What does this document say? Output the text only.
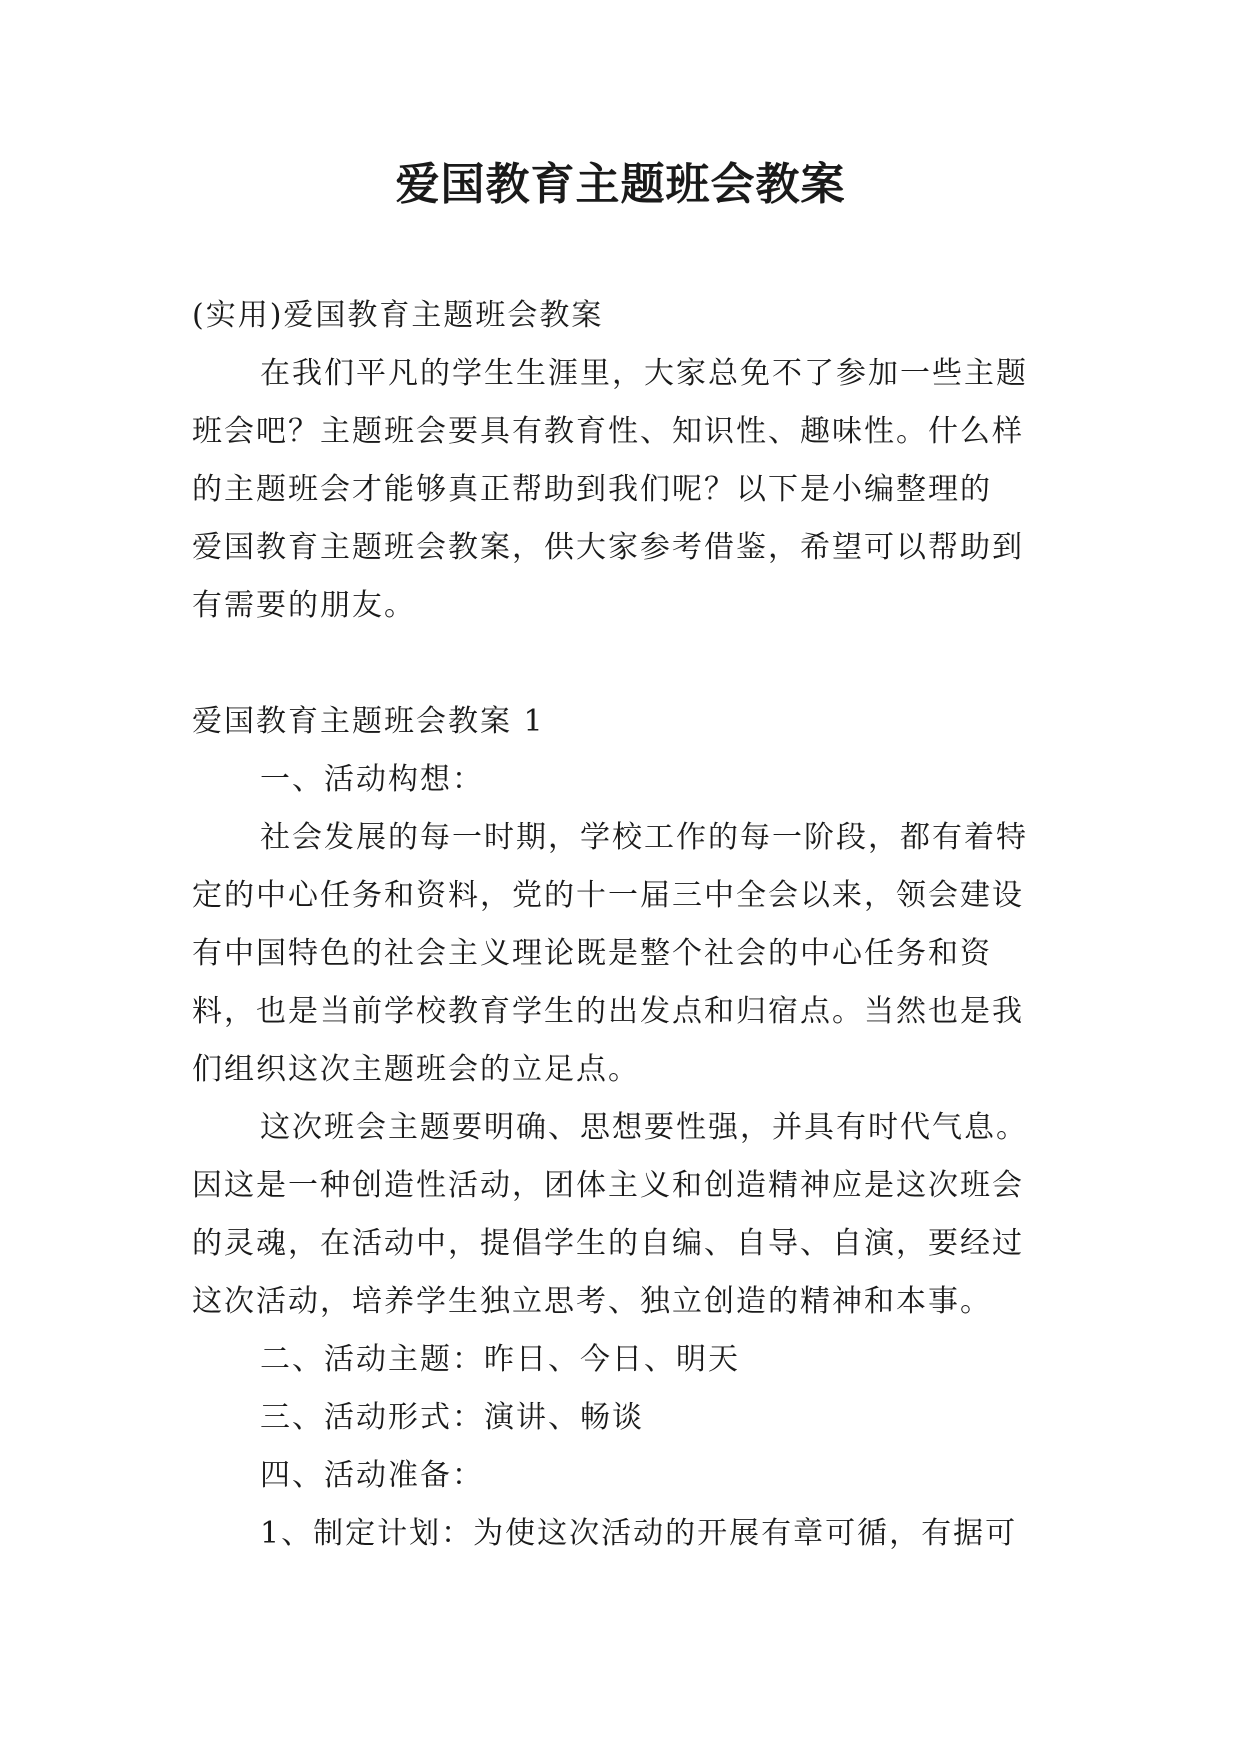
爱国教育主题班会教案
(实用)爱国教育主题班会教案
在我们平凡的学生生涯里，大家总免不了参加一些主题
班会吧？主题班会要具有教育性、知识性、趣味性。什么样
的主题班会才能够真正帮助到我们呢？以下是小编整理的
爱国教育主题班会教案，供大家参考借鉴，希望可以帮助到
有需要的朋友。
爱国教育主题班会教案 1
一、活动构想：
社会发展的每一时期，学校工作的每一阶段，都有着特
定的中心任务和资料，党的十一届三中全会以来，领会建设
有中国特色的社会主义理论既是整个社会的中心任务和资
料，也是当前学校教育学生的出发点和归宿点。当然也是我
们组织这次主题班会的立足点。
这次班会主题要明确、思想要性强，并具有时代气息。
因这是一种创造性活动，团体主义和创造精神应是这次班会
的灵魂，在活动中，提倡学生的自编、自导、自演，要经过
这次活动，培养学生独立思考、独立创造的精神和本事。
二、活动主题：昨日、今日、明天
三、活动形式：演讲、畅谈
四、活动准备：
1、制定计划：为使这次活动的开展有章可循，有据可
